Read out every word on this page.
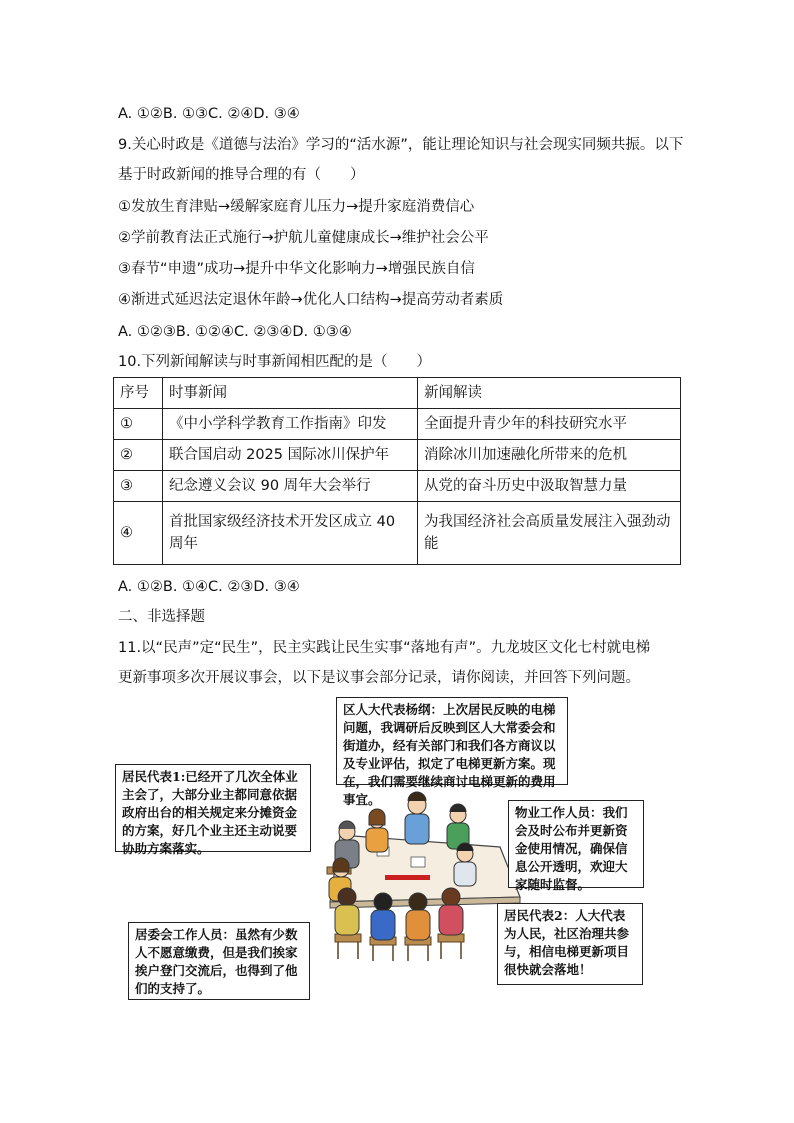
A. ①②B. ①③C. ②④D. ③④
9.关心时政是《道德与法治》学习的“活水源”，能让理论知识与社会现实同频共振。以下
基于时政新闻的推导合理的有（　　）
①发放生育津贴→缓解家庭育儿压力→提升家庭消费信心
②学前教育法正式施行→护航儿童健康成长→维护社会公平
③春节“申遗”成功→提升中华文化影响力→增强民族自信
④渐进式延迟法定退休年龄→优化人口结构→提高劳动者素质
A. ①②③B. ①②④C. ②③④D. ①③④
10.下列新闻解读与时事新闻相匹配的是（　　）
序号	时事新闻	新闻解读
①	《中小学科学教育工作指南》印发	全面提升青少年的科技研究水平
②	联合国启动 2025 国际冰川保护年	消除冰川加速融化所带来的危机
③	纪念遵义会议 90 周年大会举行	从党的奋斗历史中汲取智慧力量
④	首批国家级经济技术开发区成立 40 周年	为我国经济社会高质量发展注入强劲动能
A. ①②B. ①④C. ②③D. ③④
二、非选择题
11.以“民声”定“民生”，民主实践让民生实事“落地有声”。九龙坡区文化七村就电梯
更新事项多次开展议事会，以下是议事会部分记录，请你阅读，并回答下列问题。
区人大代表杨纲：上次居民反映的电梯问题，我调研后反映到区人大常委会和街道办，经有关部门和我们各方商议以及专业评估，拟定了电梯更新方案。现在，我们需要继续商讨电梯更新的费用事宜。
居民代表1:已经开了几次全体业主会了，大部分业主都同意依据政府出台的相关规定来分摊资金的方案，好几个业主还主动说要协助方案落实。
物业工作人员：我们会及时公布并更新资金使用情况，确保信息公开透明，欢迎大家随时监督。
居委会工作人员：虽然有少数人不愿意缴费，但是我们挨家挨户登门交流后，也得到了他们的支持了。
居民代表2：人大代表为人民，社区治理共参与，相信电梯更新项目很快就会落地！
